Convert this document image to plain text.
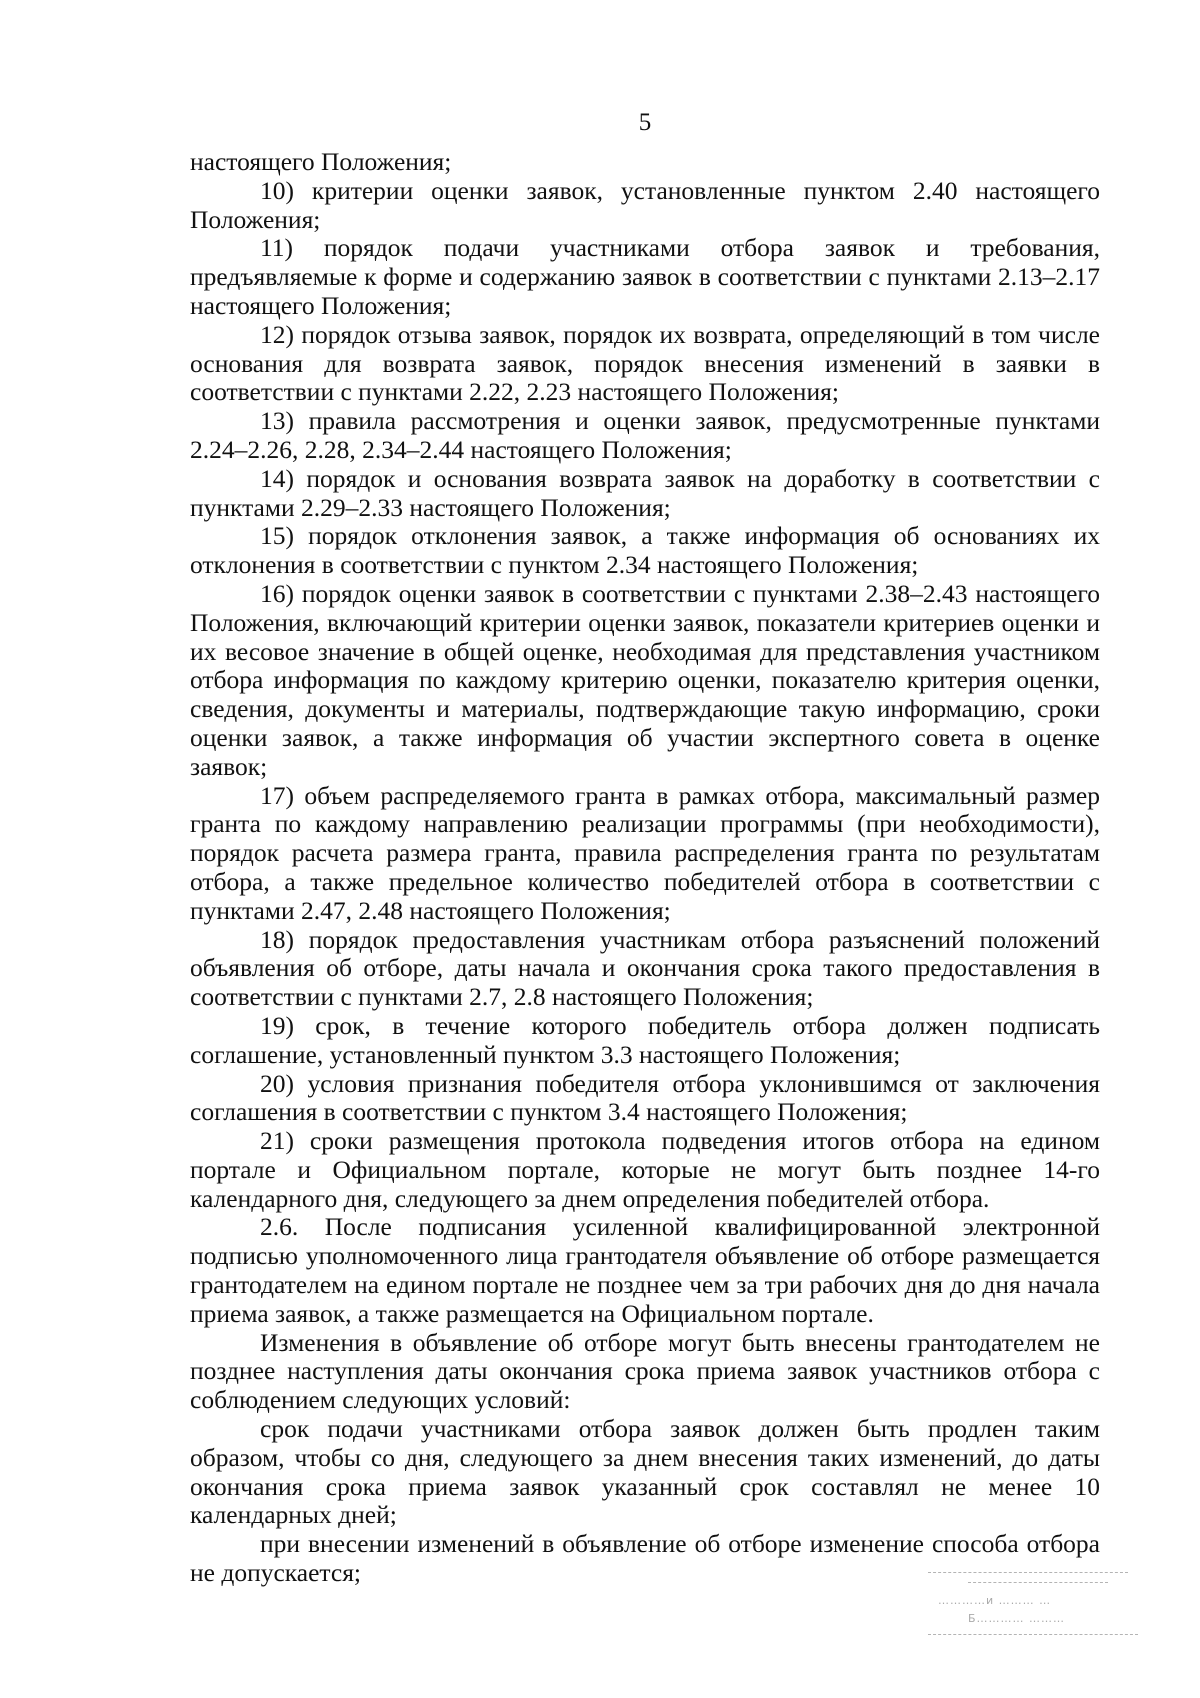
5

настоящего Положения;

10) критерии оценки заявок, установленные пунктом 2.40 настоящего Положения;

11) порядок подачи участниками отбора заявок и требования, предъявляемые к форме и содержанию заявок в соответствии с пунктами 2.13–2.17 настоящего Положения;

12) порядок отзыва заявок, порядок их возврата, определяющий в том числе основания для возврата заявок, порядок внесения изменений в заявки в соответствии с пунктами 2.22, 2.23 настоящего Положения;

13) правила рассмотрения и оценки заявок, предусмотренные пунктами 2.24–2.26, 2.28, 2.34–2.44 настоящего Положения;

14) порядок и основания возврата заявок на доработку в соответствии с пунктами 2.29–2.33 настоящего Положения;

15) порядок отклонения заявок, а также информация об основаниях их отклонения в соответствии с пунктом 2.34 настоящего Положения;

16) порядок оценки заявок в соответствии с пунктами 2.38–2.43 настоящего Положения, включающий критерии оценки заявок, показатели критериев оценки и их весовое значение в общей оценке, необходимая для представления участником отбора информация по каждому критерию оценки, показателю критерия оценки, сведения, документы и материалы, подтверждающие такую информацию, сроки оценки заявок, а также информация об участии экспертного совета в оценке заявок;

17) объем распределяемого гранта в рамках отбора, максимальный размер гранта по каждому направлению реализации программы (при необходимости), порядок расчета размера гранта, правила распределения гранта по результатам отбора, а также предельное количество победителей отбора в соответствии с пунктами 2.47, 2.48 настоящего Положения;

18) порядок предоставления участникам отбора разъяснений положений объявления об отборе, даты начала и окончания срока такого предоставления в соответствии с пунктами 2.7, 2.8 настоящего Положения;

19) срок, в течение которого победитель отбора должен подписать соглашение, установленный пунктом 3.3 настоящего Положения;

20) условия признания победителя отбора уклонившимся от заключения соглашения в соответствии с пунктом 3.4 настоящего Положения;

21) сроки размещения протокола подведения итогов отбора на едином портале и Официальном портале, которые не могут быть позднее 14-го календарного дня, следующего за днем определения победителей отбора.

2.6. После подписания усиленной квалифицированной электронной подписью уполномоченного лица грантодателя объявление об отборе размещается грантодателем на едином портале не позднее чем за три рабочих дня до дня начала приема заявок, а также размещается на Официальном портале.

Изменения в объявление об отборе могут быть внесены грантодателем не позднее наступления даты окончания срока приема заявок участников отбора с соблюдением следующих условий:

срок подачи участниками отбора заявок должен быть продлен таким образом, чтобы со дня, следующего за днем внесения таких изменений, до даты окончания срока приема заявок указанный срок составлял не менее 10 календарных дней;

при внесении изменений в объявление об отборе изменение способа отбора не допускается;

…………и ……… …
Б………… ………
